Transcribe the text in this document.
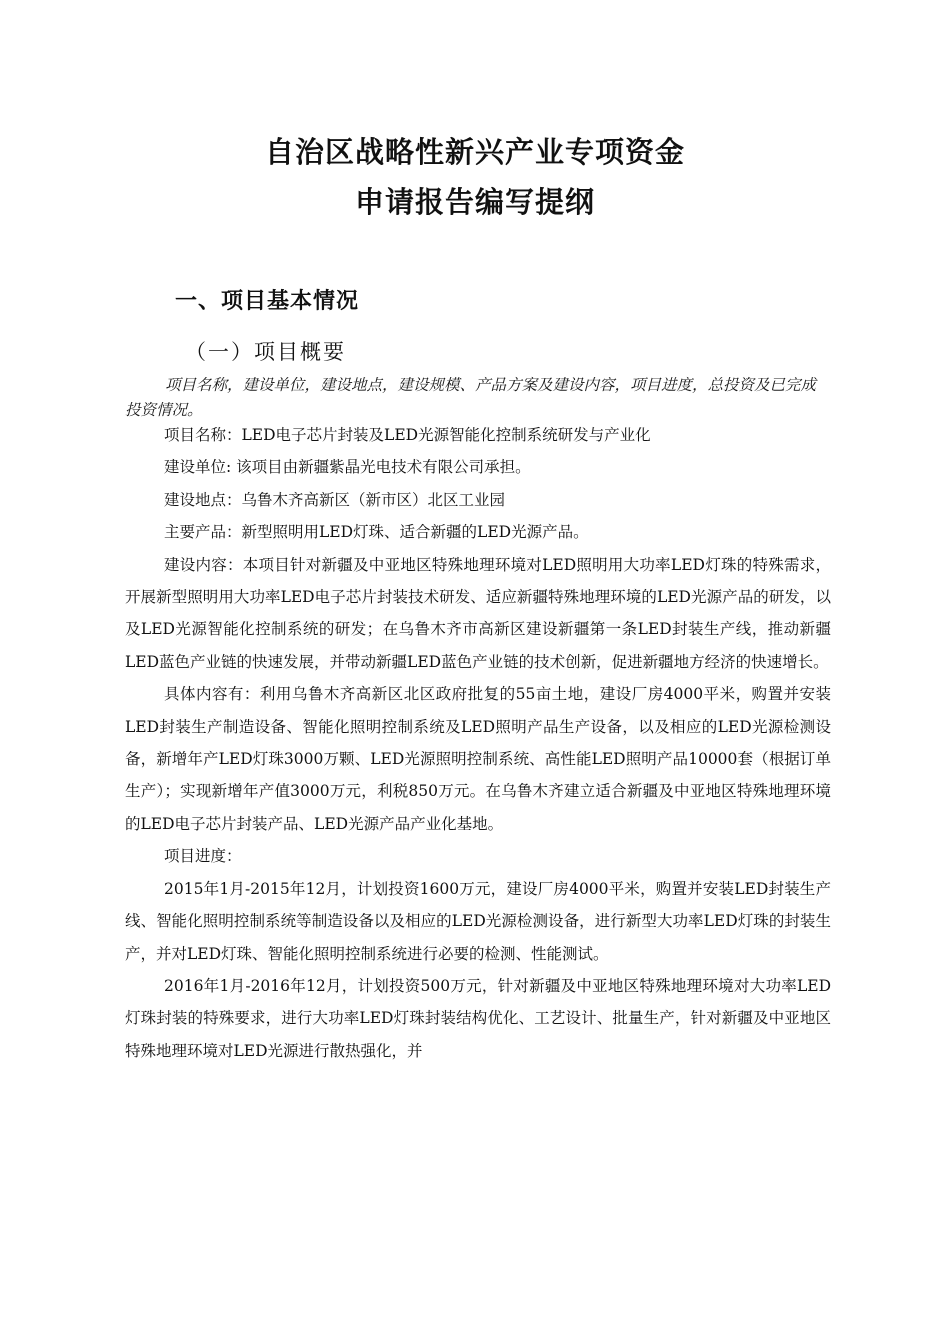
自治区战略性新兴产业专项资金
申请报告编写提纲
一、项目基本情况
（一）项目概要

项目名称，建设单位，建设地点，建设规模、产品方案及建设内容，项目进度，总投资及已完成投资情况。

项目名称：LED电子芯片封装及LED光源智能化控制系统研发与产业化

建设单位: 该项目由新疆紫晶光电技术有限公司承担。

建设地点：乌鲁木齐高新区（新市区）北区工业园

主要产品：新型照明用LED灯珠、适合新疆的LED光源产品。

建设内容：本项目针对新疆及中亚地区特殊地理环境对LED照明用大功率LED灯珠的特殊需求，开展新型照明用大功率LED电子芯片封装技术研发、适应新疆特殊地理环境的LED光源产品的研发，以及LED光源智能化控制系统的研发；在乌鲁木齐市高新区建设新疆第一条LED封装生产线，推动新疆LED蓝色产业链的快速发展，并带动新疆LED蓝色产业链的技术创新，促进新疆地方经济的快速增长。

具体内容有：利用乌鲁木齐高新区北区政府批复的55亩土地，建设厂房4000平米，购置并安装LED封装生产制造设备、智能化照明控制系统及LED照明产品生产设备，以及相应的LED光源检测设备，新增年产LED灯珠3000万颗、LED光源照明控制系统、高性能LED照明产品10000套（根据订单生产）；实现新增年产值3000万元，利税850万元。在乌鲁木齐建立适合新疆及中亚地区特殊地理环境的LED电子芯片封装产品、LED光源产品产业化基地。

项目进度：

2015年1月-2015年12月，计划投资1600万元，建设厂房4000平米，购置并安装LED封装生产线、智能化照明控制系统等制造设备以及相应的LED光源检测设备，进行新型大功率LED灯珠的封装生产，并对LED灯珠、智能化照明控制系统进行必要的检测、性能测试。

2016年1月-2016年12月，计划投资500万元，针对新疆及中亚地区特殊地理环境对大功率LED灯珠封装的特殊要求，进行大功率LED灯珠封装结构优化、工艺设计、批量生产，针对新疆及中亚地区特殊地理环境对LED光源进行散热强化，并
